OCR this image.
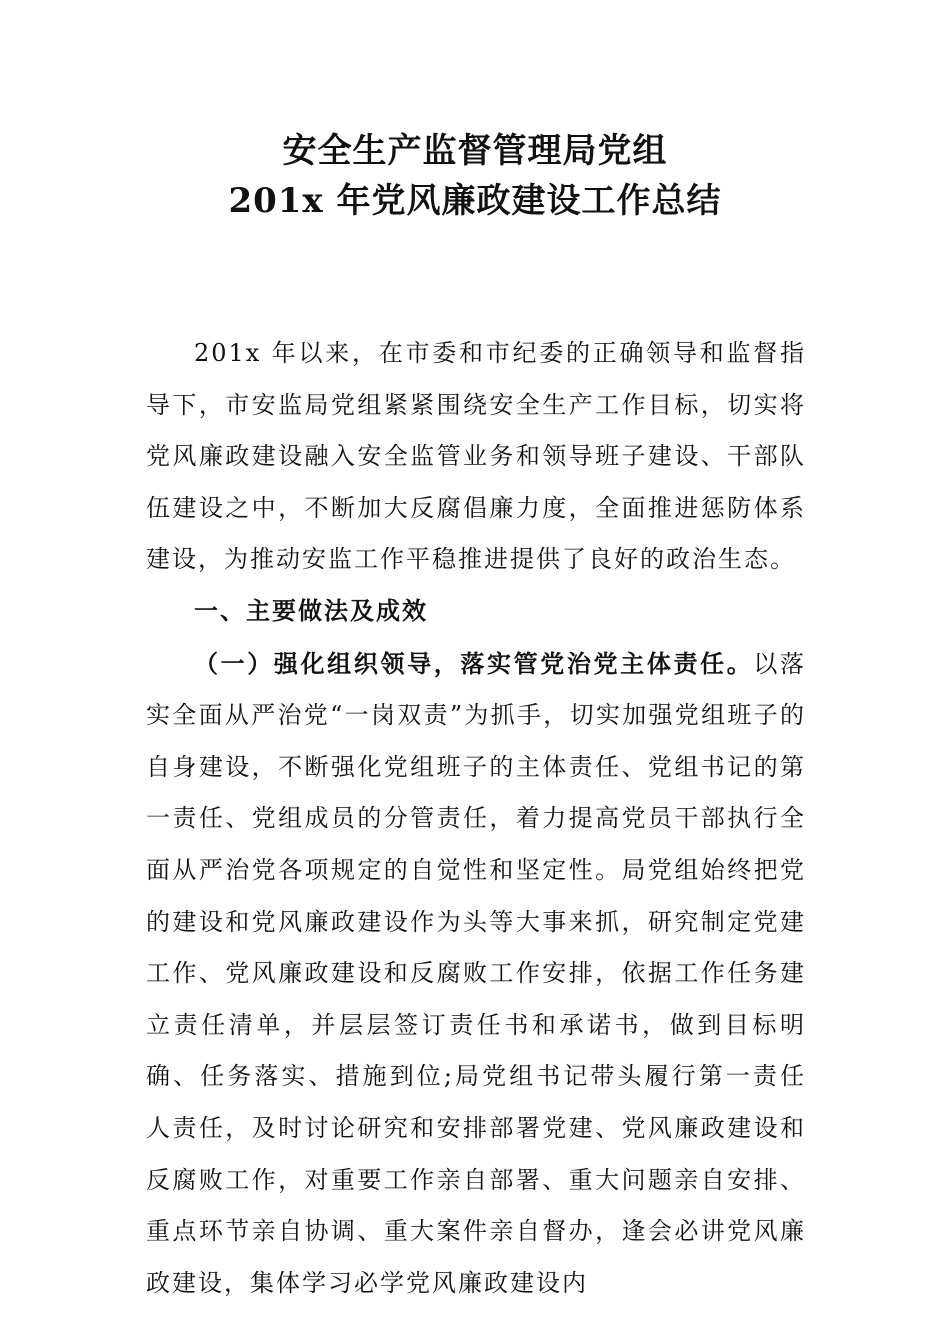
安全生产监督管理局党组
201x 年党风廉政建设工作总结

201x 年以来，在市委和市纪委的正确领导和监督指导下，市安监局党组紧紧围绕安全生产工作目标，切实将党风廉政建设融入安全监管业务和领导班子建设、干部队伍建设之中，不断加大反腐倡廉力度，全面推进惩防体系建设，为推动安监工作平稳推进提供了良好的政治生态。

一、主要做法及成效

（一）强化组织领导，落实管党治党主体责任。以落实全面从严治党“一岗双责”为抓手，切实加强党组班子的自身建设，不断强化党组班子的主体责任、党组书记的第一责任、党组成员的分管责任，着力提高党员干部执行全面从严治党各项规定的自觉性和坚定性。局党组始终把党的建设和党风廉政建设作为头等大事来抓，研究制定党建工作、党风廉政建设和反腐败工作安排，依据工作任务建立责任清单，并层层签订责任书和承诺书，做到目标明确、任务落实、措施到位;局党组书记带头履行第一责任人责任，及时讨论研究和安排部署党建、党风廉政建设和反腐败工作，对重要工作亲自部署、重大问题亲自安排、重点环节亲自协调、重大案件亲自督办，逢会必讲党风廉政建设，集体学习必学党风廉政建设内
